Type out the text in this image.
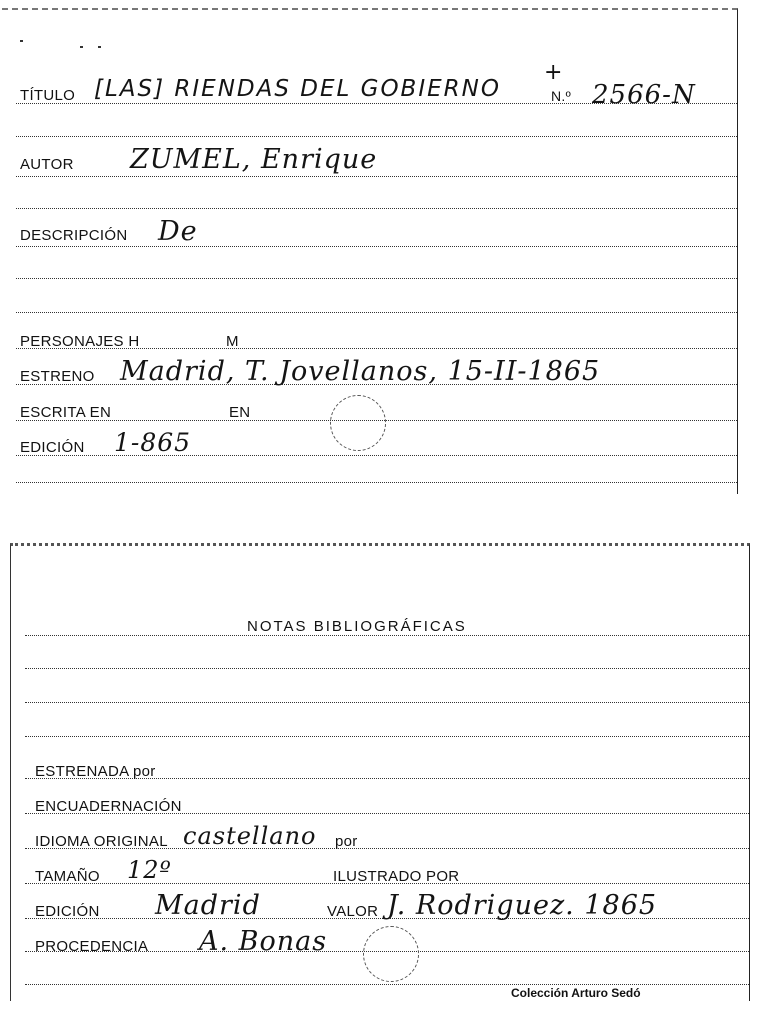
TÍTULO [LAS] RIENDAS DEL GOBIERNO
+
N.º 2566-N
AUTOR ZUMEL, Enrique
DESCRIPCIÓN De
PERSONAJES H	M
ESTRENO Madrid, T. Jovellanos, 15-II-1865
ESCRITA EN	EN
EDICIÓN 1-865
NOTAS BIBLIOGRÁFICAS
ESTRENADA por
ENCUADERNACIÓN
IDIOMA ORIGINAL castellano por
TAMAÑO 12º	ILUSTRADO POR
EDICIÓN Madrid	VALOR J. Rodriguez. 1865
PROCEDENCIA A. Bonas
Colección Arturo Sedó
